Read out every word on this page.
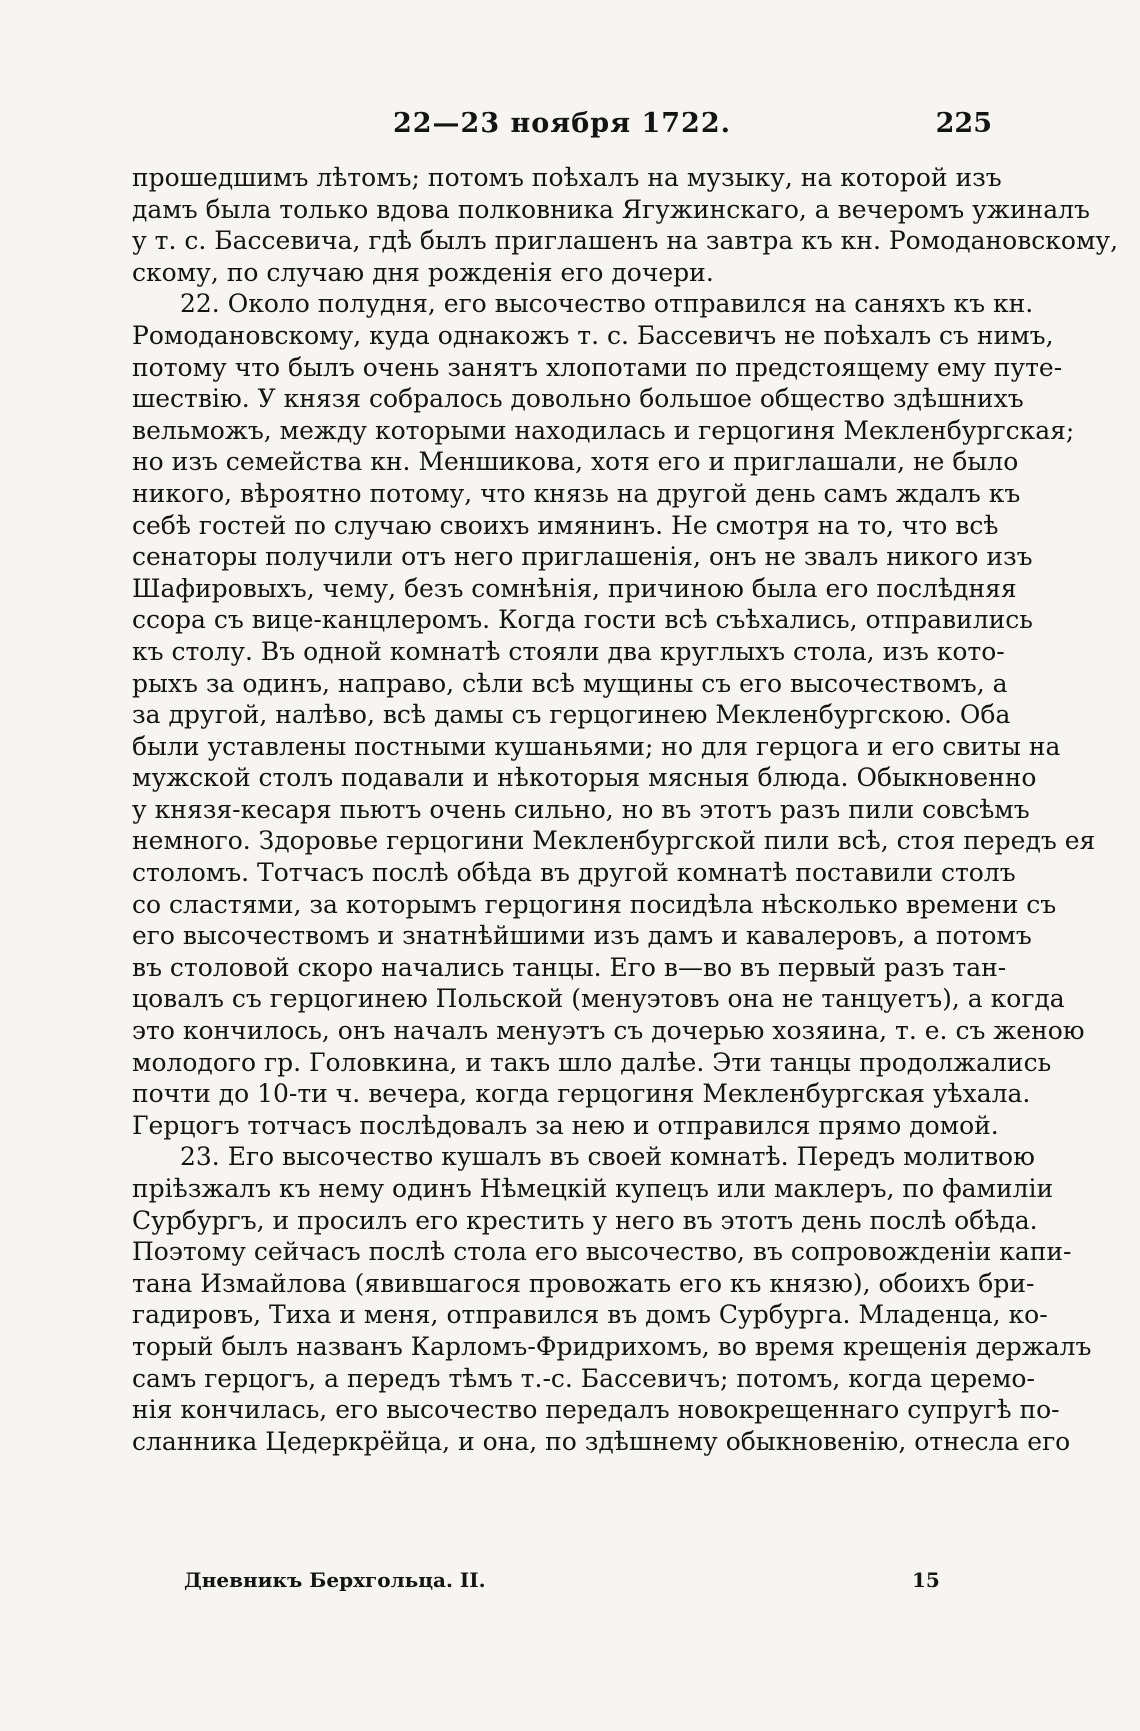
22—23 ноября 1722.	225
прошедшимъ лѣтомъ; потомъ поѣхалъ на музыку, на которой изъ
дамъ была только вдова полковника Ягужинскаго, а вечеромъ ужиналъ
у т. с. Бассевича, гдѣ былъ приглашенъ на завтра къ кн. Ромодановскому,
скому, по случаю дня рожденія его дочери.
22. Около полудня, его высочество отправился на саняхъ къ кн.
Ромодановскому, куда однакожъ т. с. Бассевичъ не поѣхалъ съ нимъ,
потому что былъ очень занятъ хлопотами по предстоящему ему путе-
шествію. У князя собралось довольно большое общество здѣшнихъ
вельможъ, между которыми находилась и герцогиня Мекленбургская;
но изъ семейства кн. Меншикова, хотя его и приглашали, не было
никого, вѣроятно потому, что князь на другой день самъ ждалъ къ
себѣ гостей по случаю своихъ имянинъ. Не смотря на то, что всѣ
сенаторы получили отъ него приглашенія, онъ не звалъ никого изъ
Шафировыхъ, чему, безъ сомнѣнія, причиною была его послѣдняя
ссора съ вице-канцлеромъ. Когда гости всѣ съѣхались, отправились
къ столу. Въ одной комнатѣ стояли два круглыхъ стола, изъ кото-
рыхъ за одинъ, направо, сѣли всѣ мущины съ его высочествомъ, а
за другой, налѣво, всѣ дамы съ герцогинею Мекленбургскою. Оба
были уставлены постными кушаньями; но для герцога и его свиты на
мужской столъ подавали и нѣкоторыя мясныя блюда. Обыкновенно
у князя-кесаря пьютъ очень сильно, но въ этотъ разъ пили совсѣмъ
немного. Здоровье герцогини Мекленбургской пили всѣ, стоя передъ ея
столомъ. Тотчасъ послѣ обѣда въ другой комнатѣ поставили столъ
со сластями, за которымъ герцогиня посидѣла нѣсколько времени съ
его высочествомъ и знатнѣйшими изъ дамъ и кавалеровъ, а потомъ
въ столовой скоро начались танцы. Его в—во въ первый разъ тан-
цовалъ съ герцогинею Польской (менуэтовъ она не танцуетъ), а когда
это кончилось, онъ началъ менуэтъ съ дочерью хозяина, т. е. съ женою
молодого гр. Головкина, и такъ шло далѣе. Эти танцы продолжались
почти до 10-ти ч. вечера, когда герцогиня Мекленбургская уѣхала.
Герцогъ тотчасъ послѣдовалъ за нею и отправился прямо домой.
23. Его высочество кушалъ въ своей комнатѣ. Передъ молитвою
пріѣзжалъ къ нему одинъ Нѣмецкій купецъ или маклеръ, по фамиліи
Сурбургъ, и просилъ его крестить у него въ этотъ день послѣ обѣда.
Поэтому сейчасъ послѣ стола его высочество, въ сопровожденіи капи-
тана Измайлова (явившагося провожать его къ князю), обоихъ бри-
гадировъ, Тиха и меня, отправился въ домъ Сурбурга. Младенца, ко-
торый былъ названъ Карломъ-Фридрихомъ, во время крещенія держалъ
самъ герцогъ, а передъ тѣмъ т.-с. Бассевичъ; потомъ, когда церемо-
нія кончилась, его высочество передалъ новокрещеннаго супругѣ по-
сланника Цедеркрёйца, и она, по здѣшнему обыкновенію, отнесла его
Дневникъ Берхгольца. II.	15
